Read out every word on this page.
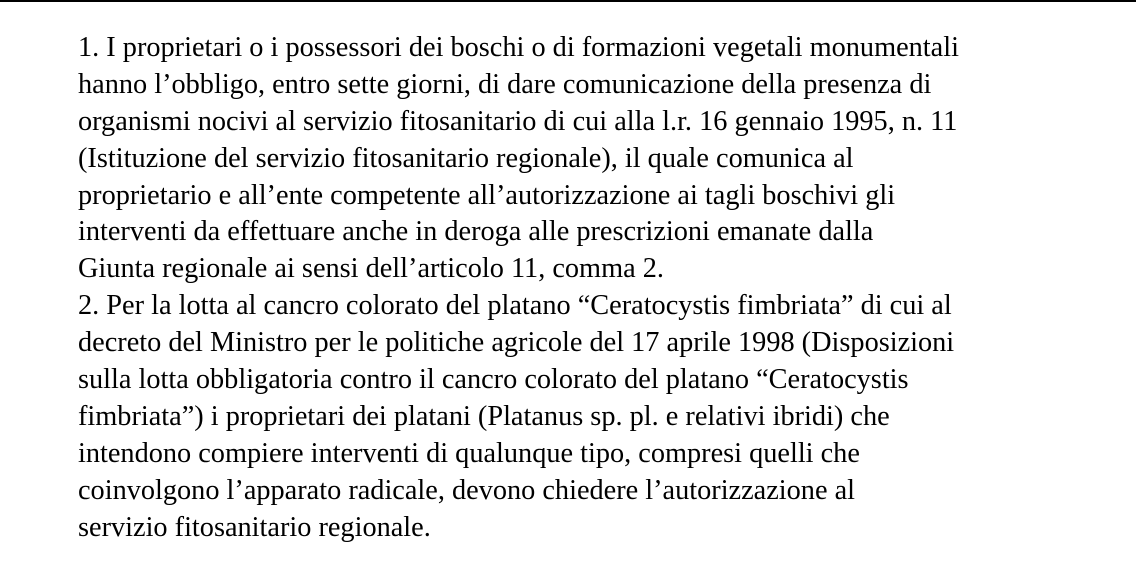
1. I proprietari o i possessori dei boschi o di formazioni vegetali monumentali
hanno l’obbligo, entro sette giorni, di dare comunicazione della presenza di
organismi nocivi al servizio fitosanitario di cui alla l.r. 16 gennaio 1995, n. 11
(Istituzione del servizio fitosanitario regionale), il quale comunica al
proprietario e all’ente competente all’autorizzazione ai tagli boschivi gli
interventi da effettuare anche in deroga alle prescrizioni emanate dalla
Giunta regionale ai sensi dell’articolo 11, comma 2.
2. Per la lotta al cancro colorato del platano “Ceratocystis fimbriata” di cui al
decreto del Ministro per le politiche agricole del 17 aprile 1998 (Disposizioni
sulla lotta obbligatoria contro il cancro colorato del platano “Ceratocystis
fimbriata”) i proprietari dei platani (Platanus sp. pl. e relativi ibridi) che
intendono compiere interventi di qualunque tipo, compresi quelli che
coinvolgono l’apparato radicale, devono chiedere l’autorizzazione al
servizio fitosanitario regionale.
